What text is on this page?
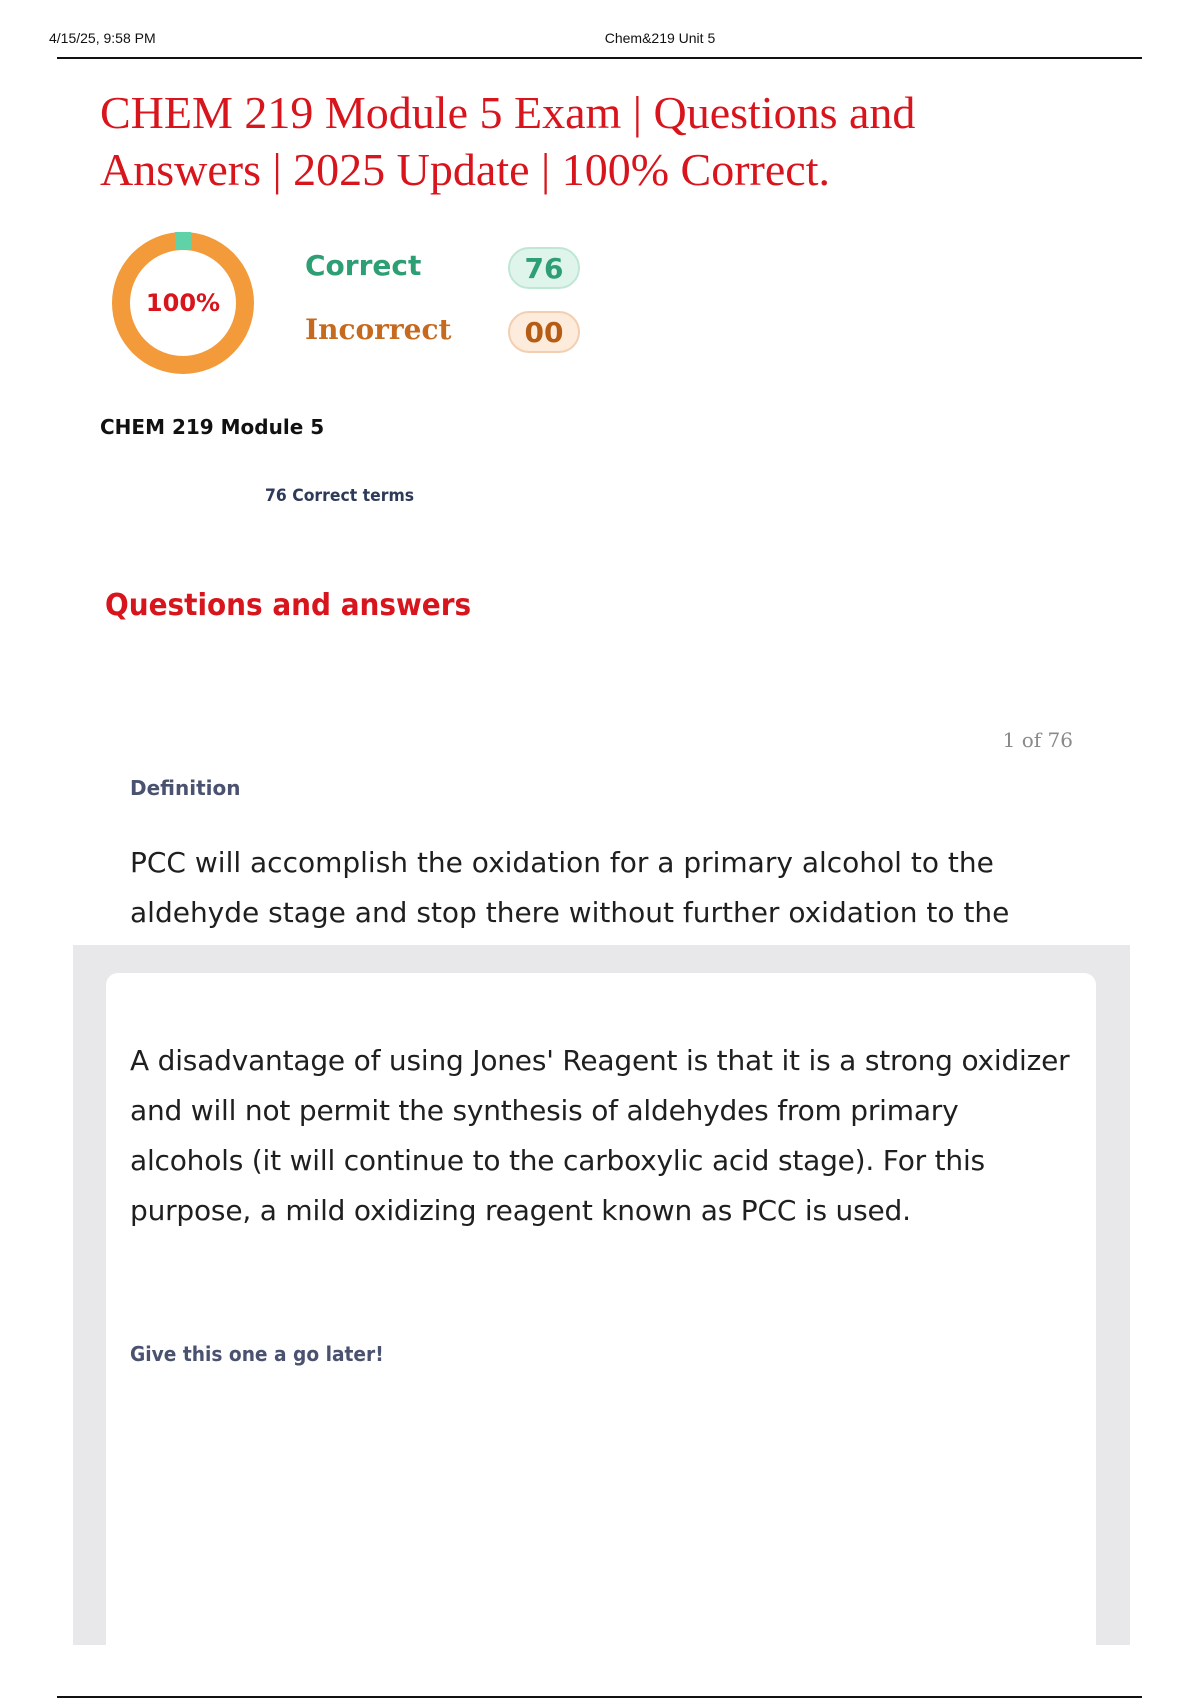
4/15/25, 9:58 PM	Chem&219 Unit 5
CHEM 219 Module 5 Exam | Questions and Answers | 2025 Update | 100% Correct.
100%
Correct	76
Incorrect	00
CHEM 219 Module 5
76 Correct terms
Questions and answers
1 of 76
Definition

PCC will accomplish the oxidation for a primary alcohol to the aldehyde stage and stop there without further oxidation to the

A disadvantage of using Jones' Reagent is that it is a strong oxidizer and will not permit the synthesis of aldehydes from primary alcohols (it will continue to the carboxylic acid stage). For this purpose, a mild oxidizing reagent known as PCC is used.

Give this one a go later!
